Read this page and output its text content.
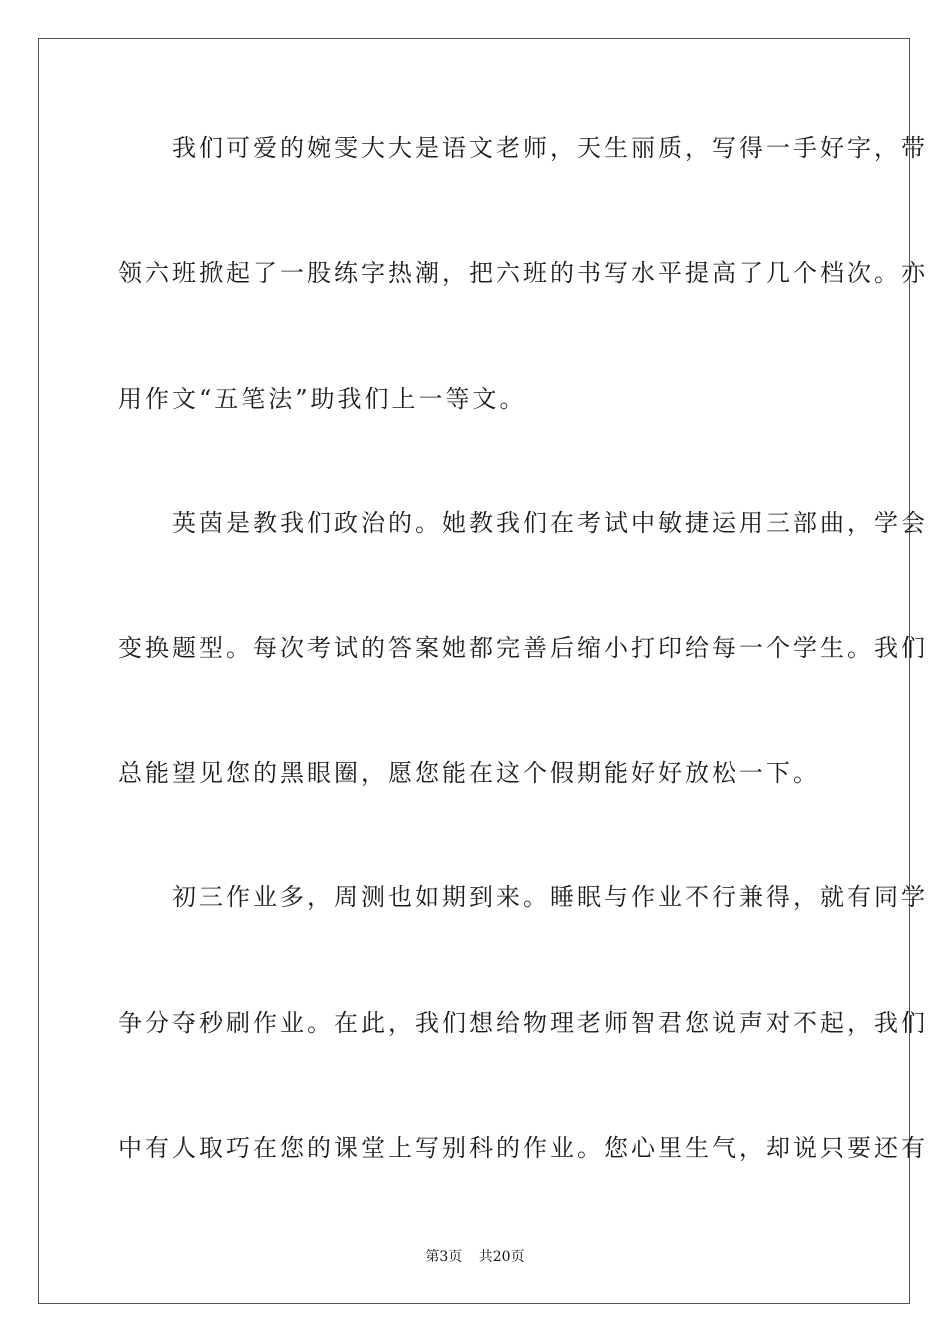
　　我们可爱的婉雯大大是语文老师，天生丽质，写得一手好字，带
领六班掀起了一股练字热潮，把六班的书写水平提高了几个档次。亦
用作文“五笔法”助我们上一等文。
　　英茵是教我们政治的。她教我们在考试中敏捷运用三部曲，学会
变换题型。每次考试的答案她都完善后缩小打印给每一个学生。我们
总能望见您的黑眼圈，愿您能在这个假期能好好放松一下。
　　初三作业多，周测也如期到来。睡眠与作业不行兼得，就有同学
争分夺秒刷作业。在此，我们想给物理老师智君您说声对不起，我们
中有人取巧在您的课堂上写别科的作业。您心里生气，却说只要还有
第3页 共20页
